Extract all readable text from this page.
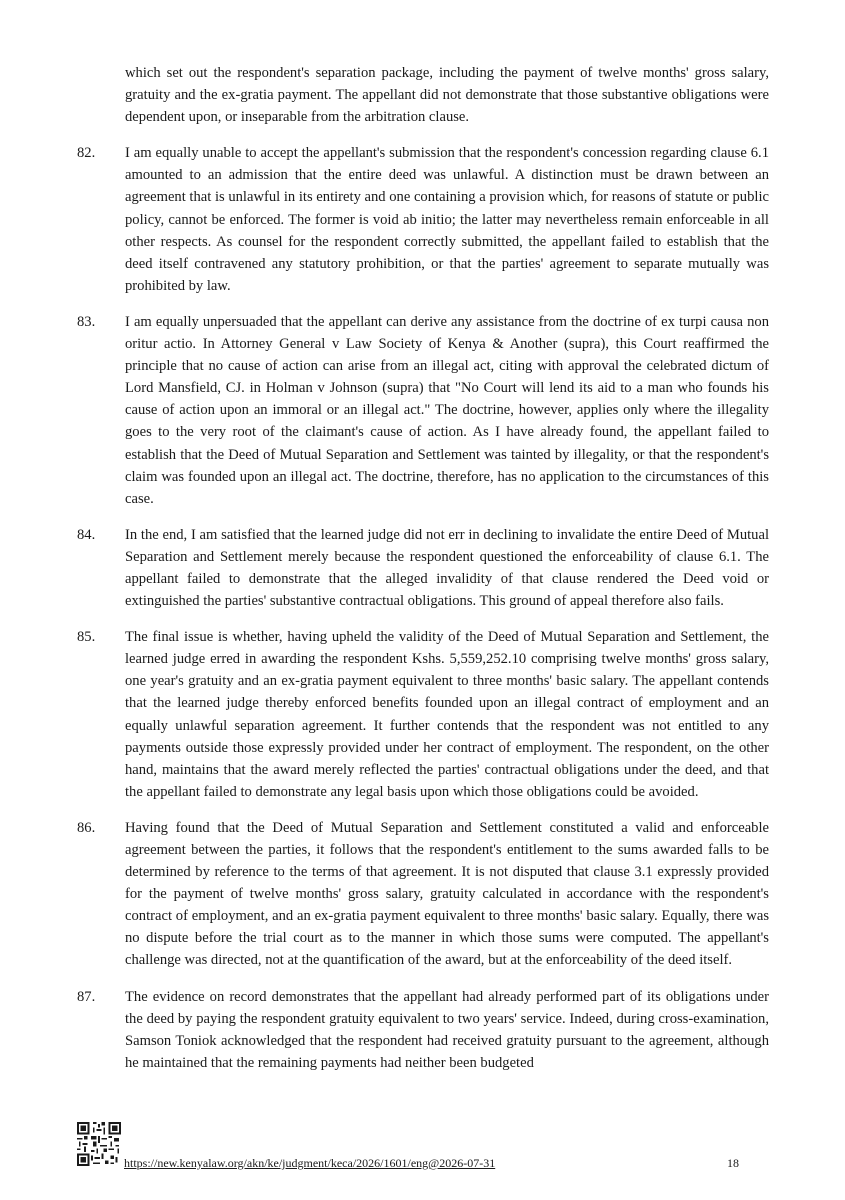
which set out the respondent's separation package, including the payment of twelve months' gross salary, gratuity and the ex-gratia payment. The appellant did not demonstrate that those substantive obligations were dependent upon, or inseparable from the arbitration clause.

82.	I am equally unable to accept the appellant's submission that the respondent's concession regarding clause 6.1 amounted to an admission that the entire deed was unlawful. A distinction must be drawn between an agreement that is unlawful in its entirety and one containing a provision which, for reasons of statute or public policy, cannot be enforced. The former is void ab initio; the latter may nevertheless remain enforceable in all other respects. As counsel for the respondent correctly submitted, the appellant failed to establish that the deed itself contravened any statutory prohibition, or that the parties' agreement to separate mutually was prohibited by law.
83.	I am equally unpersuaded that the appellant can derive any assistance from the doctrine of ex turpi causa non oritur actio. In Attorney General v Law Society of Kenya & Another (supra), this Court reaffirmed the principle that no cause of action can arise from an illegal act, citing with approval the celebrated dictum of Lord Mansfield, CJ. in Holman v Johnson (supra) that "No Court will lend its aid to a man who founds his cause of action upon an immoral or an illegal act." The doctrine, however, applies only where the illegality goes to the very root of the claimant's cause of action. As I have already found, the appellant failed to establish that the Deed of Mutual Separation and Settlement was tainted by illegality, or that the respondent's claim was founded upon an illegal act. The doctrine, therefore, has no application to the circumstances of this case.
84.	In the end, I am satisfied that the learned judge did not err in declining to invalidate the entire Deed of Mutual Separation and Settlement merely because the respondent questioned the enforceability of clause 6.1. The appellant failed to demonstrate that the alleged invalidity of that clause rendered the Deed void or extinguished the parties' substantive contractual obligations. This ground of appeal therefore also fails.
85.	The final issue is whether, having upheld the validity of the Deed of Mutual Separation and Settlement, the learned judge erred in awarding the respondent Kshs. 5,559,252.10 comprising twelve months' gross salary, one year's gratuity and an ex-gratia payment equivalent to three months' basic salary. The appellant contends that the learned judge thereby enforced benefits founded upon an illegal contract of employment and an equally unlawful separation agreement. It further contends that the respondent was not entitled to any payments outside those expressly provided under her contract of employment. The respondent, on the other hand, maintains that the award merely reflected the parties' contractual obligations under the deed, and that the appellant failed to demonstrate any legal basis upon which those obligations could be avoided.
86.	Having found that the Deed of Mutual Separation and Settlement constituted a valid and enforceable agreement between the parties, it follows that the respondent's entitlement to the sums awarded falls to be determined by reference to the terms of that agreement. It is not disputed that clause 3.1 expressly provided for the payment of twelve months' gross salary, gratuity calculated in accordance with the respondent's contract of employment, and an ex-gratia payment equivalent to three months' basic salary. Equally, there was no dispute before the trial court as to the manner in which those sums were computed. The appellant's challenge was directed, not at the quantification of the award, but at the enforceability of the deed itself.
87.	The evidence on record demonstrates that the appellant had already performed part of its obligations under the deed by paying the respondent gratuity equivalent to two years' service. Indeed, during cross-examination, Samson Toniok acknowledged that the respondent had received gratuity pursuant to the agreement, although he maintained that the remaining payments had neither been budgeted
https://new.kenyalaw.org/akn/ke/judgment/keca/2026/1601/eng@2026-07-31	18
